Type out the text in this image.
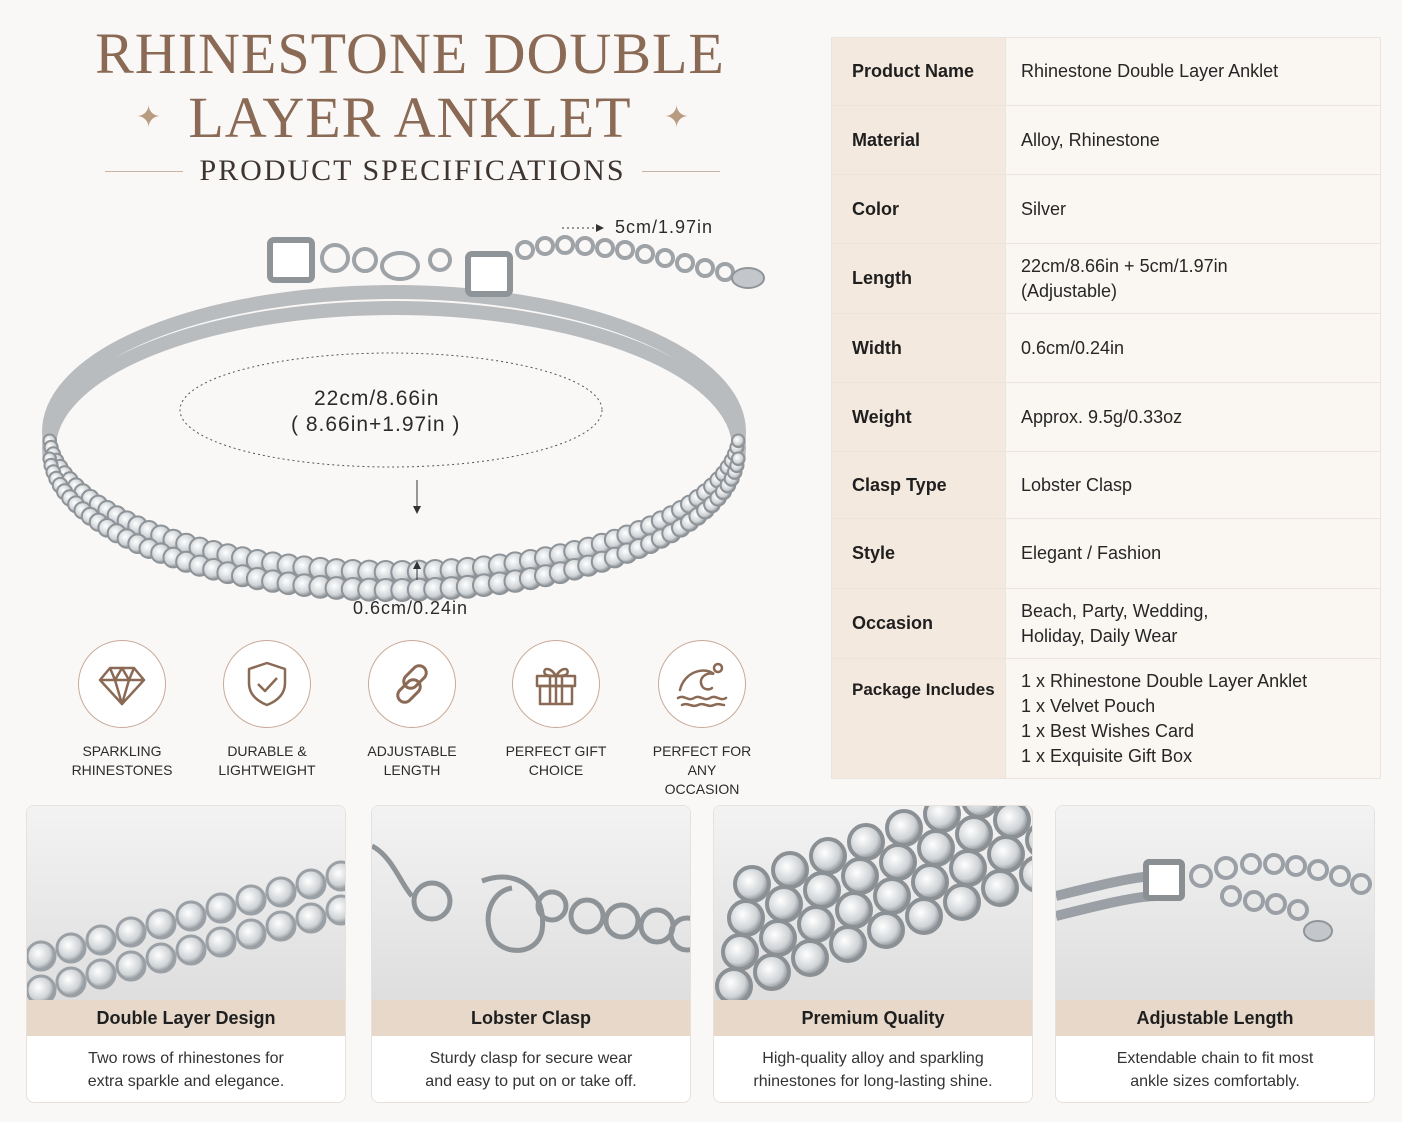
RHINESTONE DOUBLE LAYER ANKLET
✦	✦
PRODUCT SPECIFICATIONS
5cm/1.97in
22cm/8.66in
( 8.66in+1.97in )
0.6cm/0.24in
Product Name	Rhinestone Double Layer Anklet
Material	Alloy, Rhinestone
Color	Silver
Length	22cm/8.66in + 5cm/1.97in
(Adjustable)
Width	0.6cm/0.24in
Weight	Approx. 9.5g/0.33oz
Clasp Type	Lobster Clasp
Style	Elegant / Fashion
Occasion	Beach, Party, Wedding,
Holiday, Daily Wear
Package Includes	1 x Rhinestone Double Layer Anklet
1 x Velvet Pouch
1 x Best Wishes Card
1 x Exquisite Gift Box
SPARKLING
RHINESTONES
DURABLE &
LIGHTWEIGHT
ADJUSTABLE
LENGTH
PERFECT GIFT
CHOICE
PERFECT FOR ANY
OCCASION
Double Layer Design
Two rows of rhinestones for
extra sparkle and elegance.
Lobster Clasp
Sturdy clasp for secure wear
and easy to put on or take off.
Premium Quality
High-quality alloy and sparkling
rhinestones for long-lasting shine.
Adjustable Length
Extendable chain to fit most
ankle sizes comfortably.
